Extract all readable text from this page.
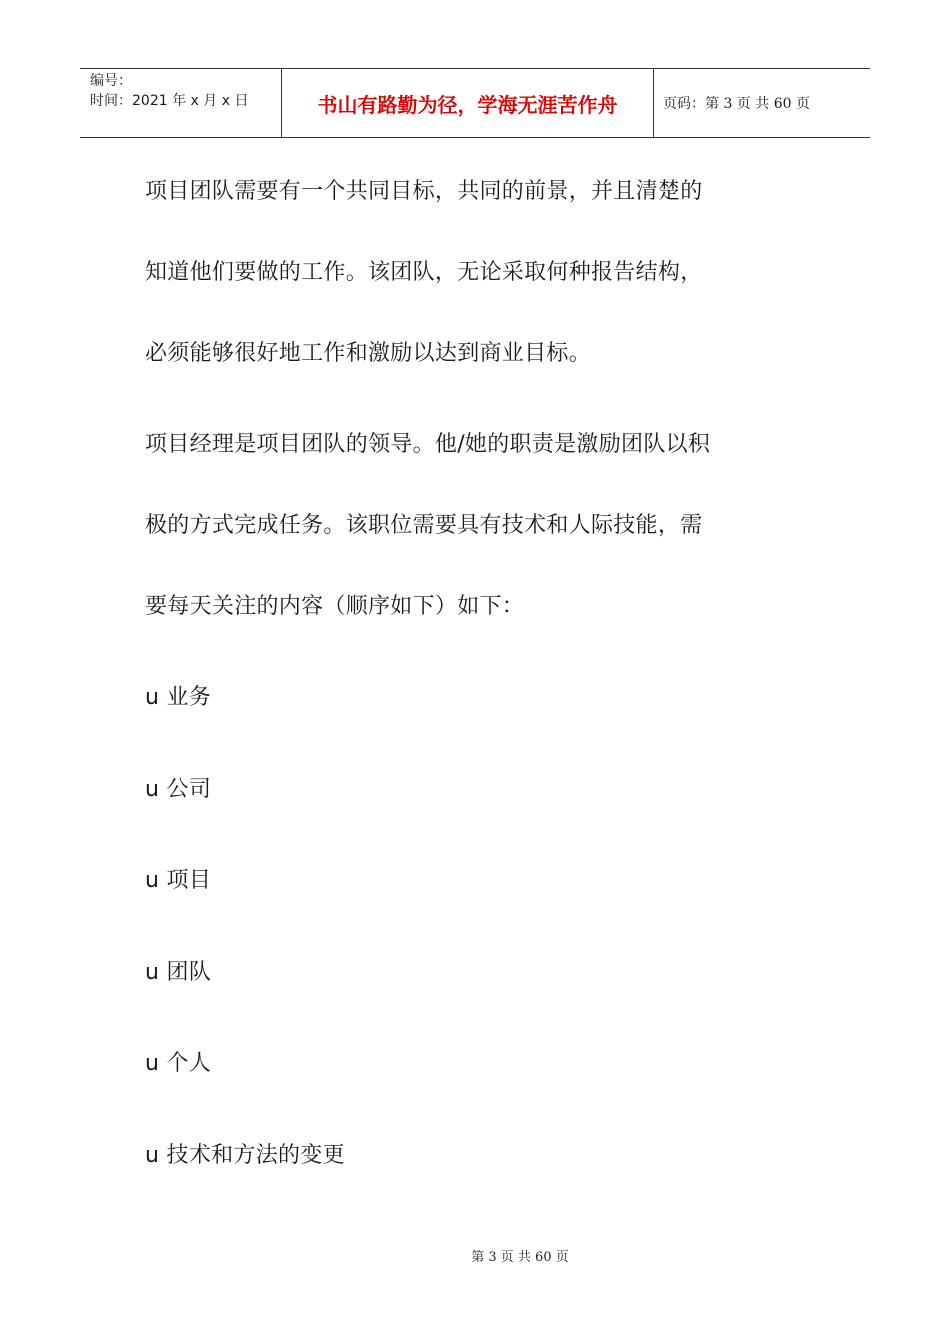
编号：
时间：2021 年 x 月 x 日	书山有路勤为径，学海无涯苦作舟	页码：第 3 页 共 60 页
项目团队需要有一个共同目标，共同的前景，并且清楚的
知道他们要做的工作。该团队，无论采取何种报告结构，
必须能够很好地工作和激励以达到商业目标。
项目经理是项目团队的领导。他/她的职责是激励团队以积
极的方式完成任务。该职位需要具有技术和人际技能，需
要每天关注的内容（顺序如下）如下：
u 业务
u 公司
u 项目
u 团队
u 个人
u 技术和方法的变更
第 3 页 共 60 页
